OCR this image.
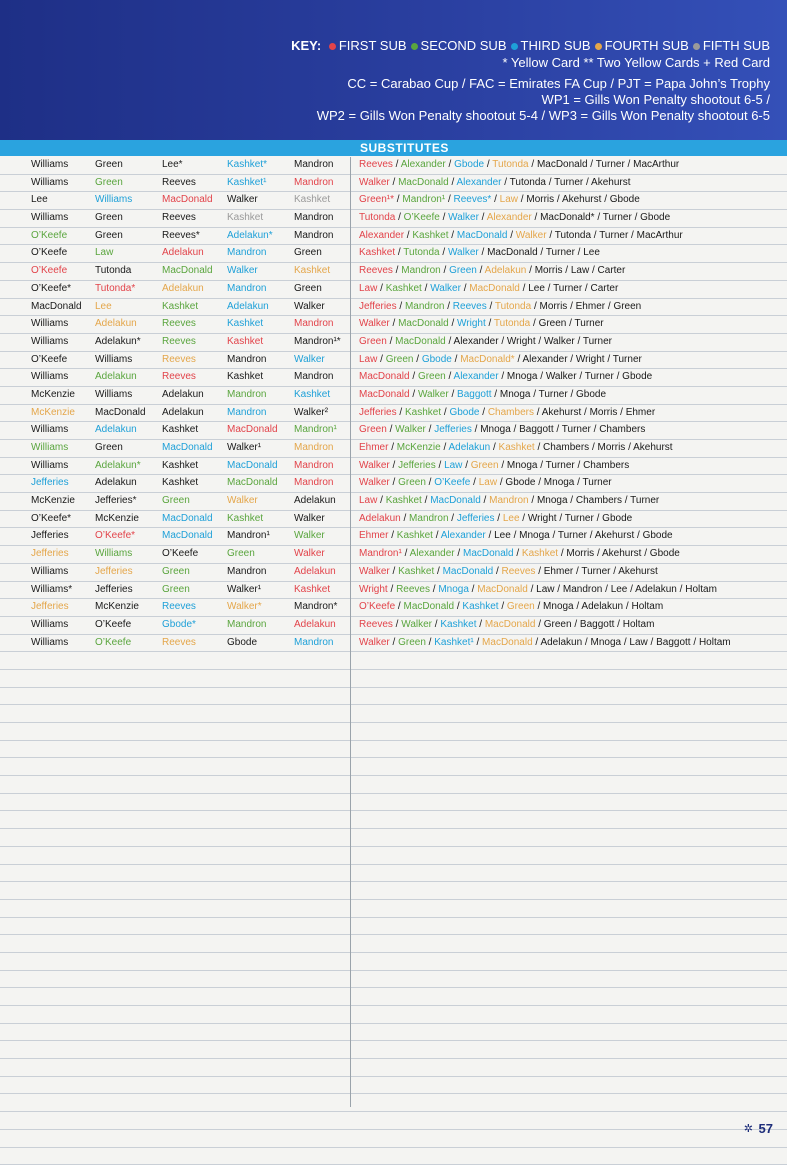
KEY: FIRST SUB SECOND SUB THIRD SUB FOURTH SUB FIFTH SUB
* Yellow Card ** Two Yellow Cards + Red Card
CC = Carabao Cup / FAC = Emirates FA Cup / PJT = Papa John’s Trophy
WP1 = Gills Won Penalty shootout 6-5 /
WP2 = Gills Won Penalty shootout 5-4 / WP3 = Gills Won Penalty shootout 6-5
SUBSTITUTES
Williams	Green	Lee*	Kashket*	Mandron	Reeves / Alexander / Gbode / Tutonda / MacDonald / Turner / MacArthur
Williams	Green	Reeves	Kashket¹	Mandron	Walker / MacDonald / Alexander / Tutonda / Turner / Akehurst
Lee	Williams	MacDonald	Walker	Kashket	Green¹* / Mandron¹ / Reeves* / Law / Morris / Akehurst / Gbode
Williams	Green	Reeves	Kashket	Mandron	Tutonda / O’Keefe / Walker / Alexander / MacDonald* / Turner / Gbode
O’Keefe	Green	Reeves*	Adelakun*	Mandron	Alexander / Kashket / MacDonald / Walker / Tutonda / Turner / MacArthur
O’Keefe	Law	Adelakun	Mandron	Green	Kashket / Tutonda / Walker / MacDonald / Turner / Lee
O’Keefe	Tutonda	MacDonald	Walker	Kashket	Reeves / Mandron / Green / Adelakun / Morris / Law / Carter
O’Keefe*	Tutonda*	Adelakun	Mandron	Green	Law / Kashket / Walker / MacDonald / Lee / Turner / Carter
MacDonald	Lee	Kashket	Adelakun	Walker	Jefferies / Mandron / Reeves / Tutonda / Morris / Ehmer / Green
Williams	Adelakun	Reeves	Kashket	Mandron	Walker / MacDonald / Wright / Tutonda / Green / Turner
Williams	Adelakun*	Reeves	Kashket	Mandron¹*	Green / MacDonald / Alexander / Wright / Walker / Turner
O’Keefe	Williams	Reeves	Mandron	Walker	Law / Green / Gbode / MacDonald* / Alexander / Wright / Turner
Williams	Adelakun	Reeves	Kashket	Mandron	MacDonald / Green / Alexander / Mnoga / Walker / Turner / Gbode
McKenzie	Williams	Adelakun	Mandron	Kashket	MacDonald / Walker / Baggott / Mnoga / Turner / Gbode
McKenzie	MacDonald	Adelakun	Mandron	Walker²	Jefferies / Kashket / Gbode / Chambers / Akehurst / Morris / Ehmer
Williams	Adelakun	Kashket	MacDonald	Mandron¹	Green / Walker / Jefferies / Mnoga / Baggott / Turner / Chambers
Williams	Green	MacDonald	Walker¹	Mandron	Ehmer / McKenzie / Adelakun / Kashket / Chambers / Morris / Akehurst
Williams	Adelakun*	Kashket	MacDonald	Mandron	Walker / Jefferies / Law / Green / Mnoga / Turner / Chambers
Jefferies	Adelakun	Kashket	MacDonald	Mandron	Walker / Green / O’Keefe / Law / Gbode / Mnoga / Turner
McKenzie	Jefferies*	Green	Walker	Adelakun	Law / Kashket / MacDonald / Mandron / Mnoga / Chambers / Turner
O’Keefe*	McKenzie	MacDonald	Kashket	Walker	Adelakun / Mandron / Jefferies / Lee / Wright / Turner / Gbode
Jefferies	O’Keefe*	MacDonald	Mandron¹	Walker	Ehmer / Kashket / Alexander / Lee / Mnoga / Turner / Akehurst / Gbode
Jefferies	Williams	O’Keefe	Green	Walker	Mandron¹ / Alexander / MacDonald / Kashket / Morris / Akehurst / Gbode
Williams	Jefferies	Green	Mandron	Adelakun	Walker / Kashket / MacDonald / Reeves / Ehmer / Turner / Akehurst
Williams*	Jefferies	Green	Walker¹	Kashket	Wright / Reeves / Mnoga / MacDonald / Law / Mandron / Lee / Adelakun / Holtam
Jefferies	McKenzie	Reeves	Walker*	Mandron*	O’Keefe / MacDonald / Kashket / Green / Mnoga / Adelakun / Holtam
Williams	O’Keefe	Gbode*	Mandron	Adelakun	Reeves / Walker / Kashket / MacDonald / Green / Baggott / Holtam
Williams	O’Keefe	Reeves	Gbode	Mandron	Walker / Green / Kashket¹ / MacDonald / Adelakun / Mnoga / Law / Baggott / Holtam
✲ 57
